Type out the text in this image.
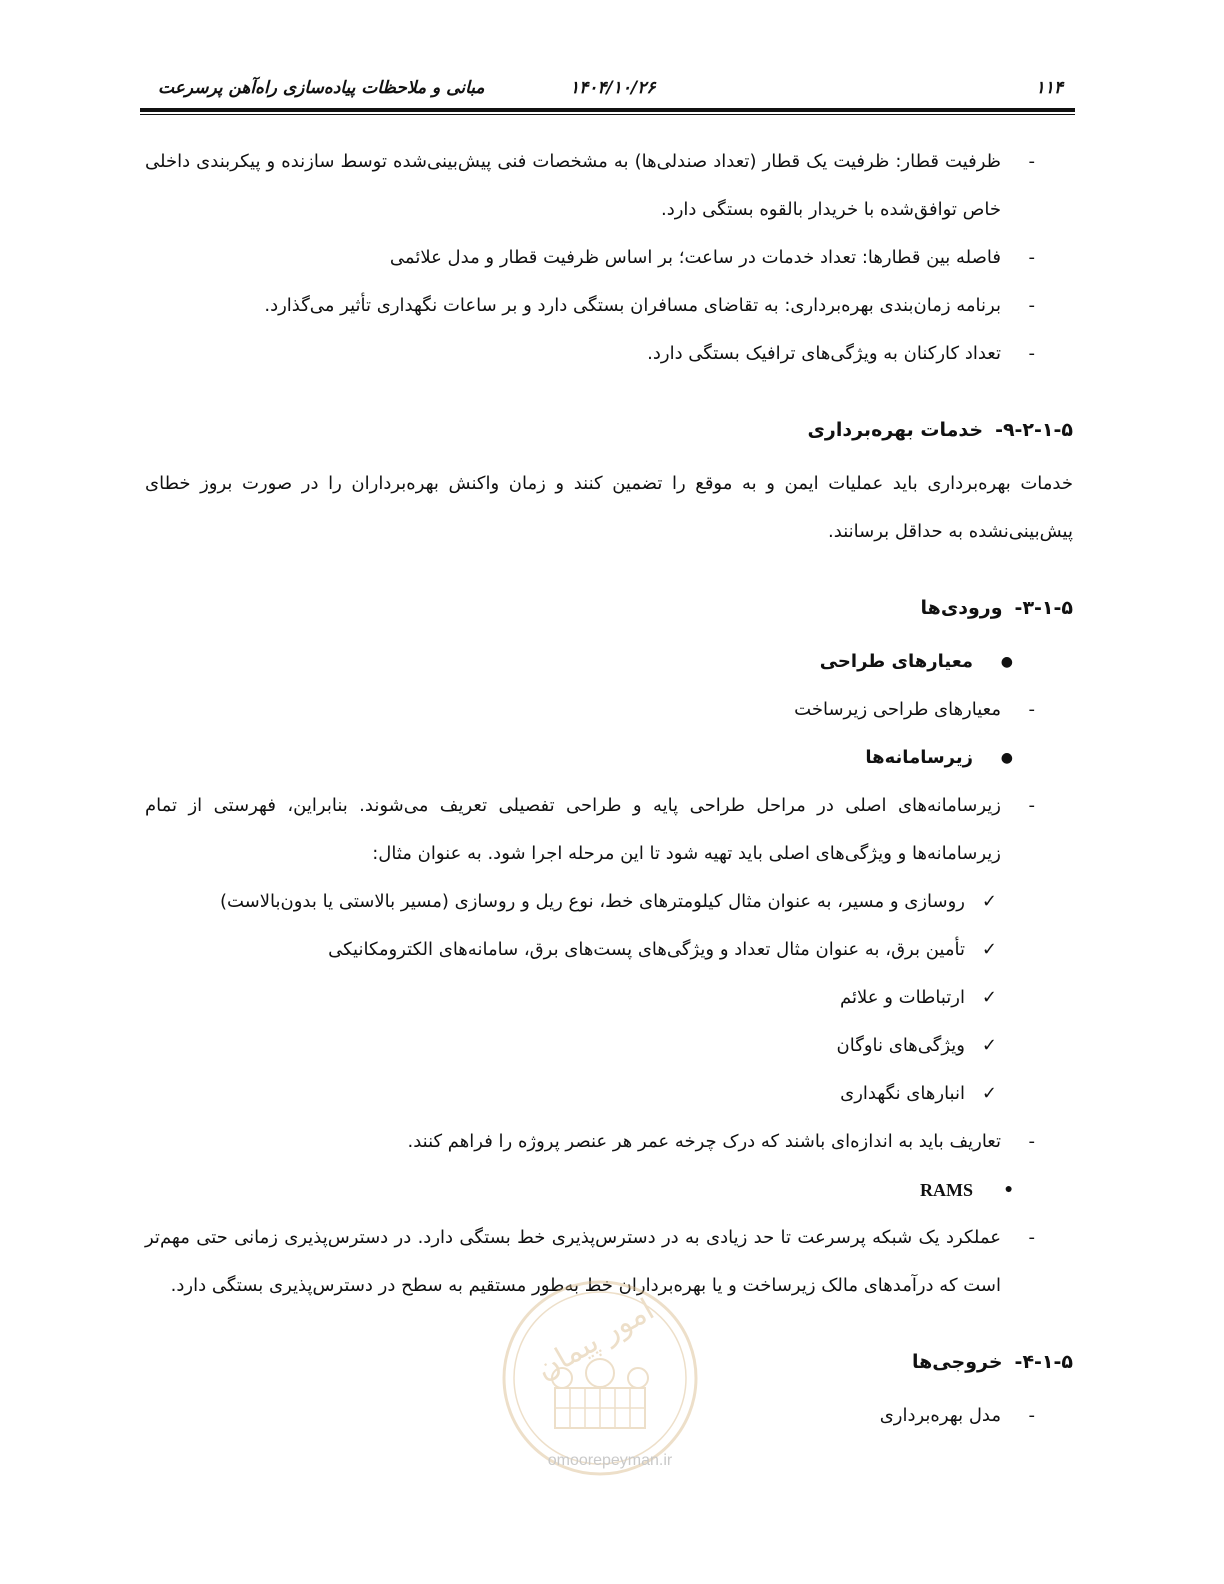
۱۱۴
۱۴۰۴/۱۰/۲۶
مبانی و ملاحظات پیاده‌سازی راه‌آهن پرسرعت
-
ظرفیت قطار: ظرفیت یک قطار (تعداد صندلی‌ها) به مشخصات فنی پیش‌بینی‌شده توسط سازنده و پیکربندی داخلی خاص توافق‌شده با خریدار بالقوه بستگی دارد.
-
فاصله بین قطارها: تعداد خدمات در ساعت؛ بر اساس ظرفیت قطار و مدل علائمی
-
برنامه زمان‌بندی بهره‌برداری: به تقاضای مسافران بستگی دارد و بر ساعات نگهداری تأثیر می‌گذارد.
-
تعداد کارکنان به ویژگی‌های ترافیک بستگی دارد.
۹-۲-۱-۵-خدمات بهره‌برداری
خدمات بهره‌برداری باید عملیات ایمن و به موقع را تضمین کنند و زمان واکنش بهره‌برداران را در صورت بروز خطای پیش‌بینی‌نشده به حداقل برسانند.
۳-۱-۵-ورودی‌ها
●
معیارهای طراحی
-
معیارهای طراحی زیرساخت
●
زیرسامانه‌ها
-
زیرسامانه‌های اصلی در مراحل طراحی پایه و طراحی تفصیلی تعریف می‌شوند. بنابراین، فهرستی از تمام زیرسامانه‌ها و ویژگی‌های اصلی باید تهیه شود تا این مرحله اجرا شود. به عنوان مثال:
✓
روسازی و مسیر، به عنوان مثال کیلومترهای خط، نوع ریل و روسازی (مسیر بالاستی یا بدون‌بالاست)
✓
تأمین برق، به عنوان مثال تعداد و ویژگی‌های پست‌های برق، سامانه‌های الکترومکانیکی
✓
ارتباطات و علائم
✓
ویژگی‌های ناوگان
✓
انبارهای نگهداری
-
تعاریف باید به اندازه‌ای باشند که درک چرخه عمر هر عنصر پروژه را فراهم کنند.
●
RAMS
-
عملکرد یک شبکه پرسرعت تا حد زیادی به در دسترس‌پذیری خط بستگی دارد. در دسترس‌پذیری زمانی حتی مهم‌تر است که درآمدهای مالک زیرساخت و یا بهره‌برداران خط به‌طور مستقیم به سطح در دسترس‌پذیری بستگی دارد.
۴-۱-۵-خروجی‌ها
-
مدل بهره‌برداری
امور پیمان
omoorepeyman.ir
